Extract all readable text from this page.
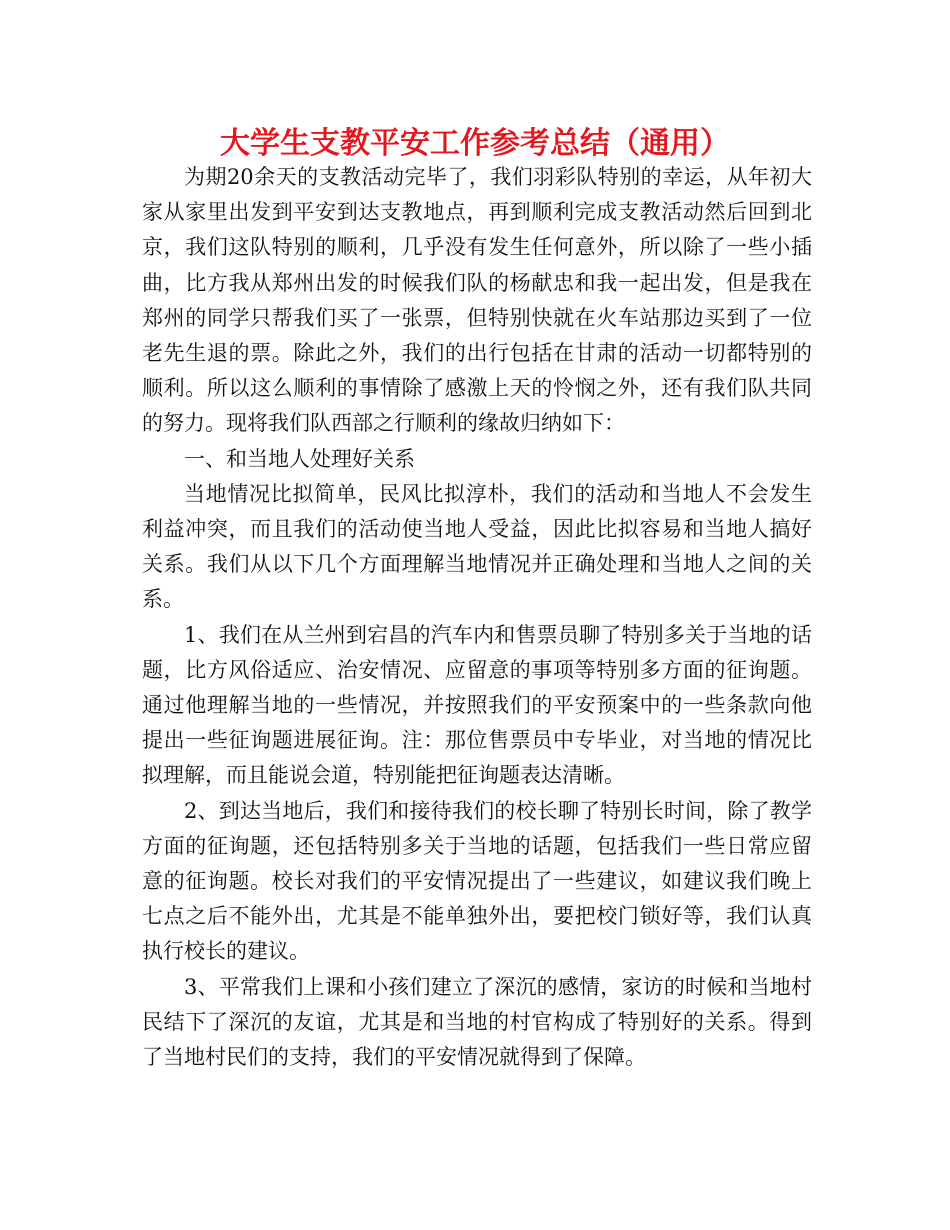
大学生支教平安工作参考总结（通用）

为期20余天的支教活动完毕了，我们羽彩队特别的幸运，从年初大家从家里出发到平安到达支教地点，再到顺利完成支教活动然后回到北京，我们这队特别的顺利，几乎没有发生任何意外，所以除了一些小插曲，比方我从郑州出发的时候我们队的杨献忠和我一起出发，但是我在郑州的同学只帮我们买了一张票，但特别快就在火车站那边买到了一位老先生退的票。除此之外，我们的出行包括在甘肃的活动一切都特别的顺利。所以这么顺利的事情除了感激上天的怜悯之外，还有我们队共同的努力。现将我们队西部之行顺利的缘故归纳如下：

一、和当地人处理好关系

当地情况比拟简单，民风比拟淳朴，我们的活动和当地人不会发生利益冲突，而且我们的活动使当地人受益，因此比拟容易和当地人搞好关系。我们从以下几个方面理解当地情况并正确处理和当地人之间的关系。

1、我们在从兰州到宕昌的汽车内和售票员聊了特别多关于当地的话题，比方风俗适应、治安情况、应留意的事项等特别多方面的征询题。通过他理解当地的一些情况，并按照我们的平安预案中的一些条款向他提出一些征询题进展征询。注：那位售票员中专毕业，对当地的情况比拟理解，而且能说会道，特别能把征询题表达清晰。

2、到达当地后，我们和接待我们的校长聊了特别长时间，除了教学方面的征询题，还包括特别多关于当地的话题，包括我们一些日常应留意的征询题。校长对我们的平安情况提出了一些建议，如建议我们晚上七点之后不能外出，尤其是不能单独外出，要把校门锁好等，我们认真执行校长的建议。

3、平常我们上课和小孩们建立了深沉的感情，家访的时候和当地村民结下了深沉的友谊，尤其是和当地的村官构成了特别好的关系。得到了当地村民们的支持，我们的平安情况就得到了保障。
